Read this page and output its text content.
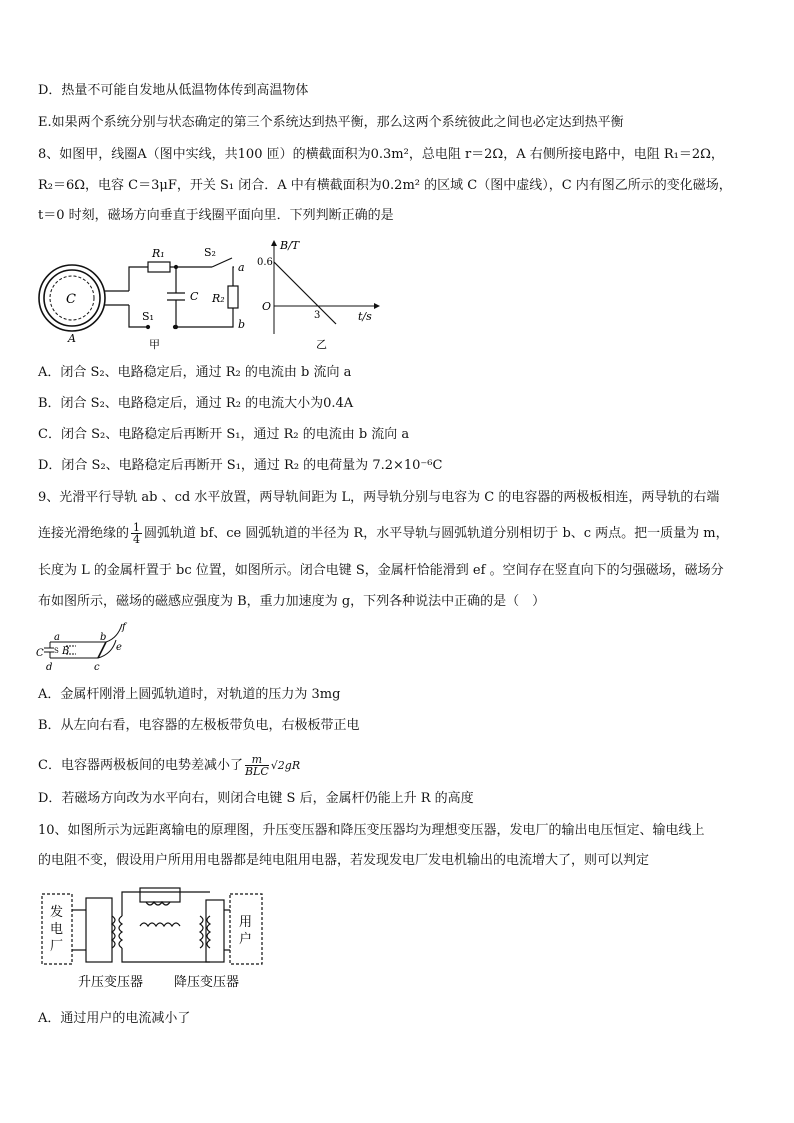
D．热量不可能自发地从低温物体传到高温物体
E.如果两个系统分别与状态确定的第三个系统达到热平衡，那么这两个系统彼此之间也必定达到热平衡
8、如图甲，线圈A（图中实线，共100 匝）的横截面积为0.3m²，总电阻 r＝2Ω，A 右侧所接电路中，电阻 R₁＝2Ω，
R₂＝6Ω，电容 C＝3μF，开关 S₁ 闭合．A 中有横截面积为0.2m² 的区域 C（图中虚线），C 内有图乙所示的变化磁场，
t＝0 时刻，磁场方向垂直于线圈平面向里．下列判断正确的是
C
A
R₁	S₂
a
C R₂
S₁
b
甲
B/T
0.6
O
3	t/s
乙
A．闭合 S₂、电路稳定后，通过 R₂ 的电流由 b 流向 a
B．闭合 S₂、电路稳定后，通过 R₂ 的电流大小为0.4A
C．闭合 S₂、电路稳定后再断开 S₁，通过 R₂ 的电流由 b 流向 a
D．闭合 S₂、电路稳定后再断开 S₁，通过 R₂ 的电荷量为 7.2×10⁻⁶C
9、光滑平行导轨 ab 、cd 水平放置，两导轨间距为 L，两导轨分别与电容为 C 的电容器的两极板相连，两导轨的右端
连接光滑绝缘的 $\frac{1}{4}$ 圆弧轨道 bf、ce 圆弧轨道的半径为 R，水平导轨与圆弧轨道分别相切于 b、c 两点。把一质量为 m，
长度为 L 的金属杆置于 bc 位置，如图所示。闭合电键 S，金属杆恰能滑到 ef 。空间存在竖直向下的匀强磁场，磁场分
布如图所示，磁场的磁感应强度为 B，重力加速度为 g，下列各种说法中正确的是（　）
a	b
f
C S B	e
d	c
A．金属杆刚滑上圆弧轨道时，对轨道的压力为 3mg
B．从左向右看，电容器的左极板带负电，右极板带正电
C．电容器两极板间的电势差减小了 $\frac{m}{\text{BLC}} √2gR$
D．若磁场方向改为水平向右，则闭合电键 S 后，金属杆仍能上升 R 的高度
10、如图所示为远距离输电的原理图，升压变压器和降压变压器均为理想变压器，发电厂的输出电压恒定、输电线上
的电阻不变，假设用户所用用电器都是纯电阻用电器，若发现发电厂发电机输出的电流增大了，则可以判定
发
电
厂
用
户
升压变压器 降压变压器
A．通过用户的电流减小了
